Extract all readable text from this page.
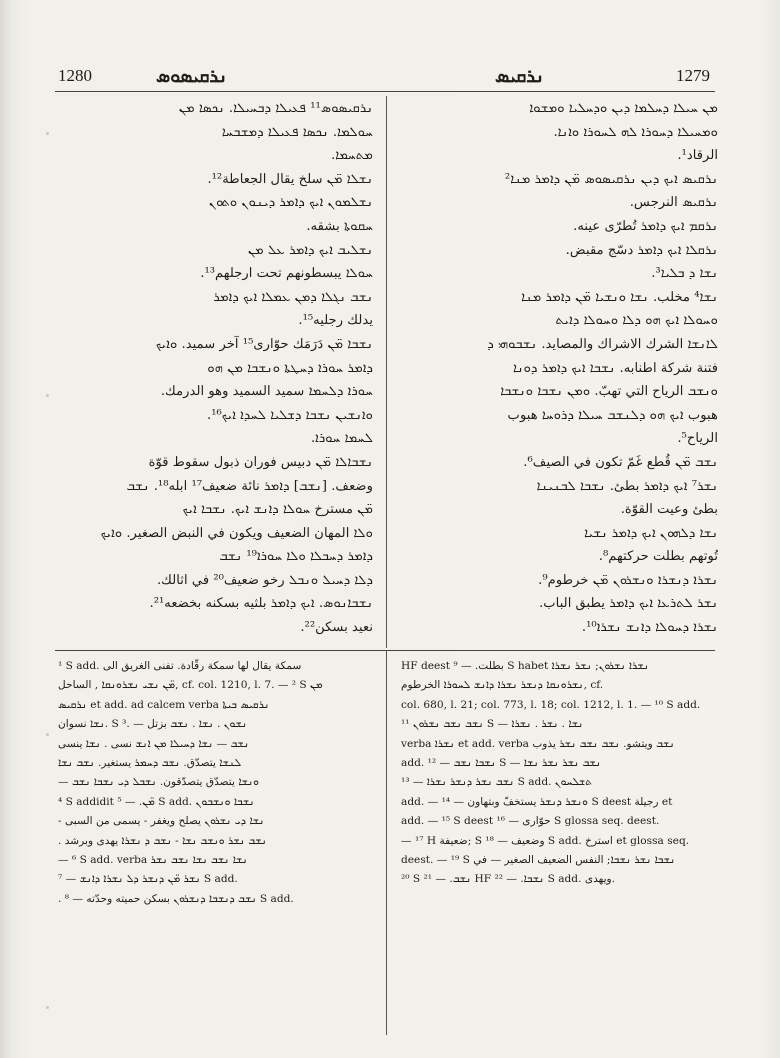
1280	ܢܪܩܝܣܘܣ	ܢܪܩܝܣ	1279
ܢܪܩܝܣܘܣ¹¹ ܦܥܝܠܐ ܕܒܚܝܠܐ. ܢܟܣܐ ܡܢ
ܚܘܠܡܐ. ܢܟܣܐ ܦܥܝܠܐ ܕܡܫܒܚܐ
ܡܬܚܡܐ.
ܢܫܠܐ ܡ̈ܢ سلخ يقال الجعاطة¹².
ܢܫܠܡܘܢ ܐܝܟ ܕܐܡܪ ܕܝܢܘܢ ܘܬܘܢ
ܚܩܘܬܐ بشقه.
ܢܫܠܝܒ ܐܝܟ ܕܐܡܪ ܥܠ ܡܢ
ܚܘܠܐ يبسطونهم تحت ارجلهم¹³.
ܢܫܒ ܢܓܠܐ ܕܡܢ ܥܡܠܐ ܐܝܟ ܕܐܡܪ
يدلك رجليه¹⁵.
ܢܫܒܐ ܡ̈ܢ دَرَمَك حوّارى¹⁵ آخر سميد. ܘܐܝܟ
ܕܐܡܪ ܚܘܪܐ ܕܚܛܬܐ ܘܢܫܒܐ ܡܢ ܗܘ
ܚܘܪܐ ܕܠܚܡܐ سميد السميد وهو الدرمك.
ܘܐܢܫܝܢ ܢܫܒܐ ܕܫܠܝܐ ܠܚܕܐ ܐܝܟ¹⁶.
ܠܚܡܐ ܚܘܪܐ.
ܢܫܒܐܠܐ ܡ̈ܢ دبيس فوران ذبول سقوط قوّة
وضعف. [ܢܫܒ] ܕܐܡܪ نائة ضعيف¹⁷ ابله¹⁸. ܢܫܒ
ܡ̈ܢ مسترخ ܚܘܠܐ ܕܐܢܫ ܐܝܟ. ܢܫܒܐ ܐܝܟ
ܘܠܐ المهان الضعيف ويكون في النبض الصغير. ܘܐܝܟ
ܕܐܡܪ ܕܚܒܠܐ ܘܠܐ ܚܘܪܐ¹⁹ ܢܫܒ
ܕܠܐ ܕܚܝܠ ܘܢܒܠ رخو ضعيف²⁰ في اثالك.
ܢܫܒܐܢܘܣ. ܐܝܟ ܕܐܡܪ بلثيه بسكنه بخضعه²¹.
نعيد بسكن²².
ܡܢ ܚܝܠܐ ܕܚܠܡܐ ܕܝܢ ܘܕܚܠܝܐ ܘܡܫܘܐ
ܘܡܚܝܠܐ ܕܚܘܪܐ ܠܗ ܠܚܘܪܐ ܘܐܢܐ.
الرقاد¹.
ܢܪܩܝܣ ܐܝܟ ܕܝܢ ܢܪܩܝܣܘܣ ܡ̈ܢ ܕܐܡܪ ܡܢܐ²
ܢܪܩܝܣ النرجس.
ܢܪܩܡ ܐܝܟ ܕܐܡܪ تُطرّى عينه.
ܢܪܩܠܐ ܐܝܟ ܕܐܡܪ دسّج مقبض.
ܢܫܐ ܕ ܒܠܝܐ³.
ܢܫܐ⁴ مخلب. ܢܫܐ ܘܢܫܝܐ ܡ̈ܢ ܕܐܡܪ ܡܢܐ
ܘܚܘܠܐ ܐܝܟ ܗܘ ܕܠܐ ܘܚܘܠܐ ܕܐܝܬ
ܠܐܢܫܐ الشرك الاشراك والمصايد. ܢܫܒܘܗܝ ܕ
فتنة شركة اطنابه. ܢܫܒܐ ܐܝܟ ܕܐܡܪ ܕܘܢܐ
ܘܢܫܒ الرياح التي تهبّ. ܘܡܢ ܢܫܒܐ ܘܢܫܒܐ
هبوب ܐܝܟ ܗܘ ܕܠܢܫܒ ܚܝܠܐ ܕܪܘܚܐ هبوب
الرياح⁵.
ܢܫܒ ܡ̈ܢ قُطع غَمّ تكون في الصيف⁶.
ܢܫܪ⁷ ܐܝܟ ܕܐܡܪ بطئ. ܢܫܒܐ ܠܒܢܝܢܐ
بطئ وعيت القوّة.
ܢܫܐ ܕܠܗܘܢ ܐܝܟ ܕܐܡܪ ܢܫܝܐ
تُوتهم بطلت حركتهم⁸.
ܢܫܪܐ ܕܢܫܪܐ ܘܢܫܪܘܢ ܡ̈ܢ خرطوم⁹.
ܢܫܪ ܠܬܪܥܐ ܐܝܟ ܕܐܡܪ يطبق الباب.
ܢܫܪܐ ܕܚܘܠܐ ܕܐܢܫ ܢܫܪܐ¹⁰.
¹ S add. سمكة يقال لها سمكة رقّادة. تفنى الغريق الى
ܡ̈ܢ ܢܫܝ ܢܫܪܘܢܩܐ , الساحل, cf. col. 1210, l. 7. — ² S ܡܢ
ܢܪܩܝܣ et add. ad calcem verba ܢܪܩܝܣ ܒܝܬܐ
ܢܫܐ نسوان. S ³. — ܢܫܘܢ . ܢܫܐ . ܢܫܒ بزتل
ܢܫܒ — ܢܫܐ ܕܚܝܠܐ ܡܢ ܐܢܫ نسى . ܢܫܐ ينسى
ܠܢܫܐ يتصدّق. ܢܫܒ ܕܚܡܪ يستغير. ܢܫܒ ܢܫܐ
— ܘܢܫܐ يتصدّق يتصدّقون. ܢܫܒܠ ܕܝ ܢܫܒܐ ܢܫܒ
⁴ S addidit ܡ̈ܢ. — ⁵ S add. ܢܫܒܐ ܘܢܫܒܘܢ
- ܢܫܐ ܕܝ ܢܫܪܘܢ يصلح ويغفر - يسمى من السبى
. ܢܫܒ ܢܫܪ ܘܢܫܒ ܢܫܐ - ܢܫܒ ܕ ܢܫܪܐ يهدى وبرشد
— ⁶ S add. verba ܢܫܐ ܢܫܒ ܢܫܐ ܢܫܒ ܢܫܪ
ܢܫܪ ܡ̈ܢ ܕܢܫܪ ܕܠ ܢܫܪܐ ܕܐܢܫ — ⁷ S add.
. ܢܫܒ ܕܢܫܒܐ ܕܢܫܪܘܢ بسكن حميته وحدّته — ⁸ S add.
HF deest بطلت. — ⁹ S habet ܢܫܪܐ ܢܫܪܘܢ; ܢܫܪ ܢܫܪܐ
ܢܫܪܘܢܩܐ ܕܢܫܪ ܢܫܪܐ ܕܐܢܫ ܠܚܘܪܐ الخرطوم, cf.
col. 680, l. 21; col. 773, l. 18; col. 1212, l. 1. — ¹⁰ S add.
ܢܫܒ ܢܫܒ ܢܫܪܘܢ ¹¹ S — ܢܫܐ . ܢܫܪ . ܢܫܪܐ
verba ܢܫܪܐ et add. verba ܢܫܒ ويتشو. ܢܫܒ ܢܫܒ ܢܫܪ يذوب
add. ܢܫܒܐ ܢܫܒ — ¹² S — ܢܫܒ ܢܫܪ ܢܫܪ ܢܫܐ
ܢܫܒ ܢܫܪ ܕܢܫܪ ܢܫܪܐ — ¹³ S add. ܬܫܠܚܘܢ
add. — ܘܢܫܪ ܕܢܫܪ يستخفّ وبتهاون — ¹⁴ S deest رجيلة et
add. — ¹⁵ S deest حوّارى — ¹⁶ S glossa seq. deest.
— ¹⁷ H ضعيفة; S وضعيف — ¹⁸ S add. استرخ et glossa seq.
deest. — ¹⁹ S ܢܫܒܐ ܢܫܪ ܢܫܒܐ; النفس الضعيف الصغير — في
²⁰ S ܢܫܒ. — ²¹ HF ܢܫܒܐ. — ²² S add. ويهدى.
